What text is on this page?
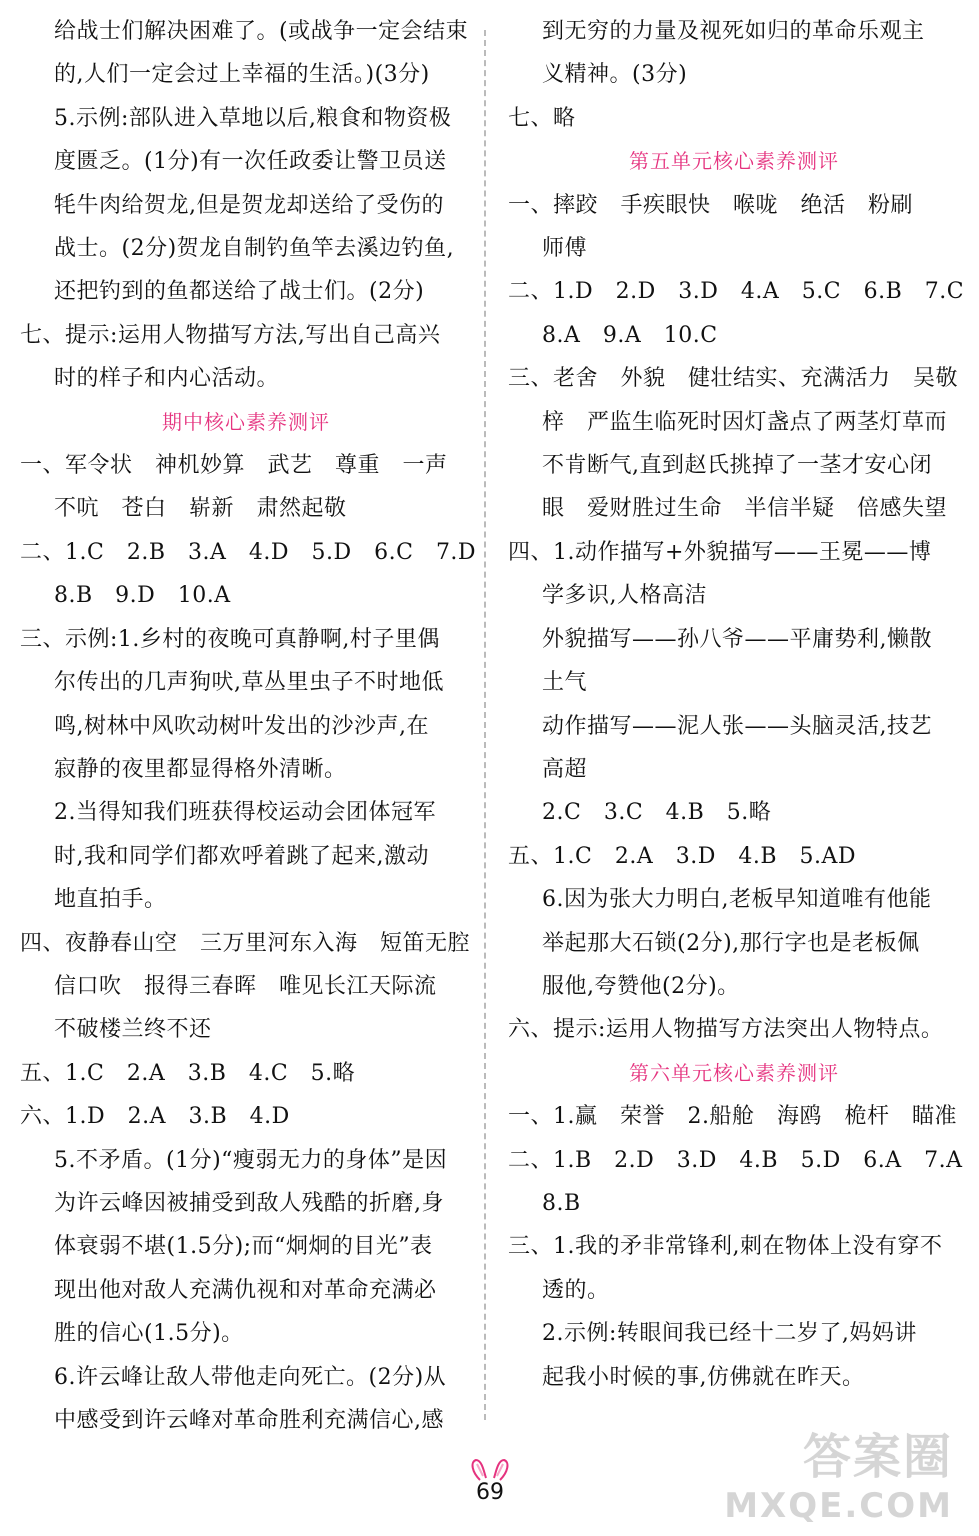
给战士们解决困难了。(或战争一定会结束
的,人们一定会过上幸福的生活。)(3分)
5.示例:部队进入草地以后,粮食和物资极
度匮乏。(1分)有一次任政委让警卫员送
牦牛肉给贺龙,但是贺龙却送给了受伤的
战士。(2分)贺龙自制钓鱼竿去溪边钓鱼,
还把钓到的鱼都送给了战士们。(2分)
七、提示:运用人物描写方法,写出自己高兴
时的样子和内心活动。
期中核心素养测评
一、军令状　神机妙算　武艺　尊重　一声
不吭　苍白　崭新　肃然起敬
二、1.C　2.B　3.A　4.D　5.D　6.C　7.D
8.B　9.D　10.A
三、示例:1.乡村的夜晚可真静啊,村子里偶
尔传出的几声狗吠,草丛里虫子不时地低
鸣,树林中风吹动树叶发出的沙沙声,在
寂静的夜里都显得格外清晰。
2.当得知我们班获得校运动会团体冠军
时,我和同学们都欢呼着跳了起来,激动
地直拍手。
四、夜静春山空　三万里河东入海　短笛无腔
信口吹　报得三春晖　唯见长江天际流
不破楼兰终不还
五、1.C　2.A　3.B　4.C　5.略
六、1.D　2.A　3.B　4.D
5.不矛盾。(1分)“瘦弱无力的身体”是因
为许云峰因被捕受到敌人残酷的折磨,身
体衰弱不堪(1.5分);而“炯炯的目光”表
现出他对敌人充满仇视和对革命充满必
胜的信心(1.5分)。
6.许云峰让敌人带他走向死亡。(2分)从
中感受到许云峰对革命胜利充满信心,感
到无穷的力量及视死如归的革命乐观主
义精神。(3分)
七、略
第五单元核心素养测评
一、摔跤　手疾眼快　喉咙　绝活　粉刷
师傅
二、1.D　2.D　3.D　4.A　5.C　6.B　7.C
8.A　9.A　10.C
三、老舍　外貌　健壮结实、充满活力　吴敬
梓　严监生临死时因灯盏点了两茎灯草而
不肯断气,直到赵氏挑掉了一茎才安心闭
眼　爱财胜过生命　半信半疑　倍感失望
四、1.动作描写+外貌描写——王冕——博
学多识,人格高洁
外貌描写——孙八爷——平庸势利,懒散
土气
动作描写——泥人张——头脑灵活,技艺
高超
2.C　3.C　4.B　5.略
五、1.C　2.A　3.D　4.B　5.AD
6.因为张大力明白,老板早知道唯有他能
举起那大石锁(2分),那行字也是老板佩
服他,夸赞他(2分)。
六、提示:运用人物描写方法突出人物特点。
第六单元核心素养测评
一、1.赢　荣誉　2.船舱　海鸥　桅杆　瞄准
二、1.B　2.D　3.D　4.B　5.D　6.A　7.A
8.B
三、1.我的矛非常锋利,刺在物体上没有穿不
透的。
2.示例:转眼间我已经十二岁了,妈妈讲
起我小时候的事,仿佛就在昨天。
69
答案圈
MXQE.COM
